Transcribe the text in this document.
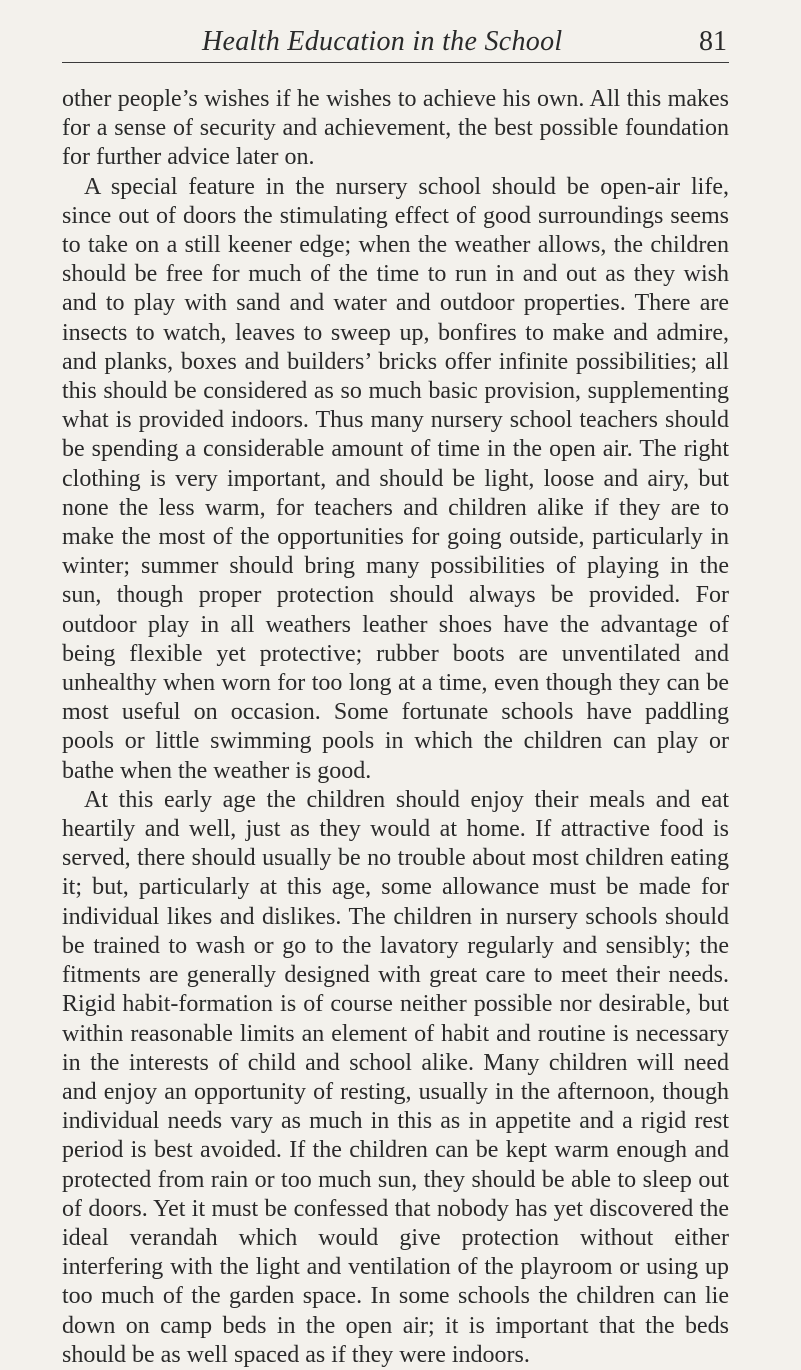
Health Education in the School	81

other people’s wishes if he wishes to achieve his own. All this makes for a sense of security and achievement, the best possible foundation for further advice later on.

A special feature in the nursery school should be open-air life, since out of doors the stimulating effect of good surroundings seems to take on a still keener edge; when the weather allows, the children should be free for much of the time to run in and out as they wish and to play with sand and water and outdoor properties. There are insects to watch, leaves to sweep up, bonfires to make and admire, and planks, boxes and builders’ bricks offer infinite possibilities; all this should be considered as so much basic provision, supplementing what is provided indoors. Thus many nursery school teachers should be spending a considerable amount of time in the open air. The right clothing is very important, and should be light, loose and airy, but none the less warm, for teachers and children alike if they are to make the most of the opportunities for going outside, particularly in winter; summer should bring many possibilities of playing in the sun, though proper protection should always be provided. For outdoor play in all weathers leather shoes have the advantage of being flexible yet protective; rubber boots are unventilated and unhealthy when worn for too long at a time, even though they can be most useful on occasion. Some fortunate schools have paddling pools or little swimming pools in which the children can play or bathe when the weather is good.

At this early age the children should enjoy their meals and eat heartily and well, just as they would at home. If attractive food is served, there should usually be no trouble about most children eating it; but, particularly at this age, some allowance must be made for individual likes and dislikes. The children in nursery schools should be trained to wash or go to the lavatory regularly and sensibly; the fitments are generally designed with great care to meet their needs. Rigid habit-formation is of course neither possible nor desirable, but within reasonable limits an element of habit and routine is necessary in the interests of child and school alike. Many children will need and enjoy an opportunity of resting, usually in the afternoon, though individual needs vary as much in this as in appetite and a rigid rest period is best avoided. If the children can be kept warm enough and protected from rain or too much sun, they should be able to sleep out of doors. Yet it must be confessed that nobody has yet discovered the ideal verandah which would give protection without either interfering with the light and ventilation of the playroom or using up too much of the garden space. In some schools the children can lie down on camp beds in the open air; it is important that the beds should be as well spaced as if they were indoors.
